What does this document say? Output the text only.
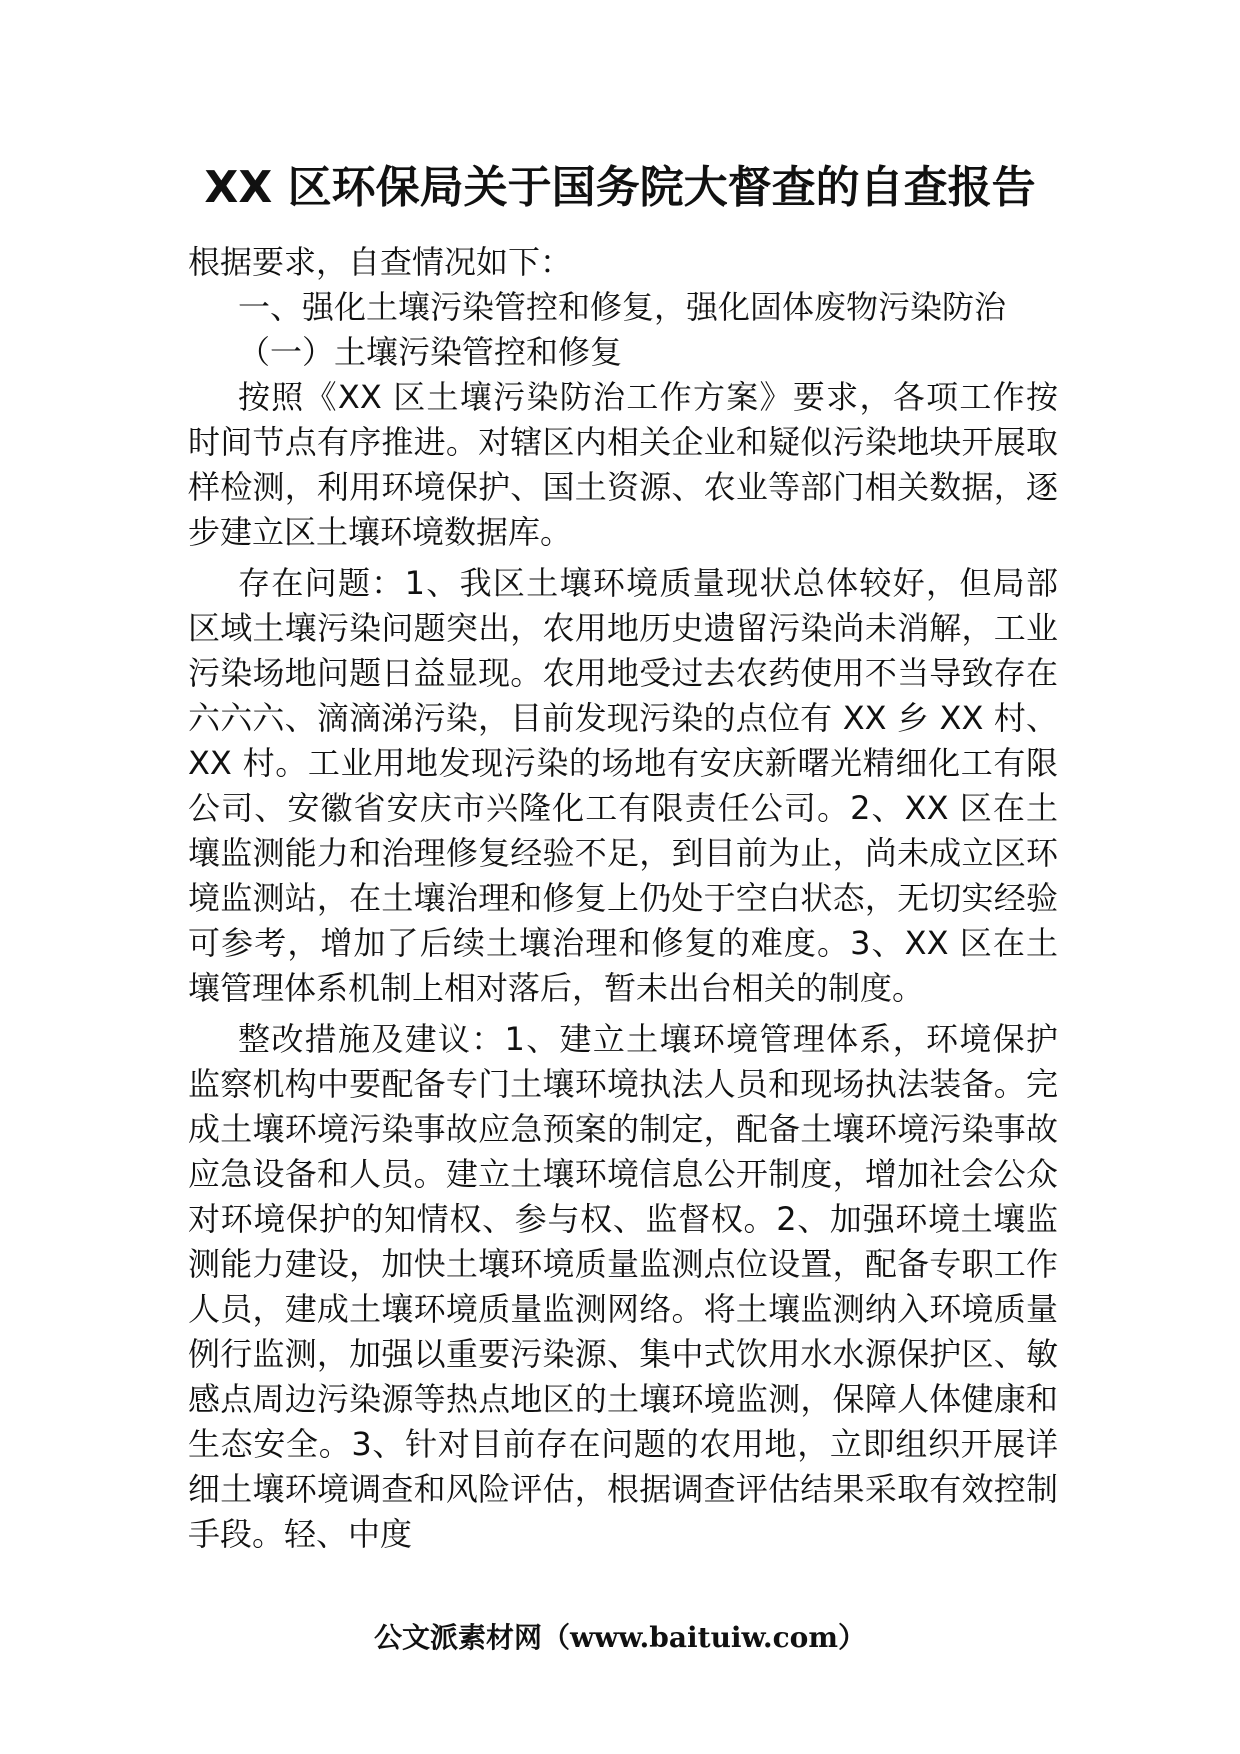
XX 区环保局关于国务院大督查的自查报告

根据要求，自查情况如下：

一、强化土壤污染管控和修复，强化固体废物污染防治

（一）土壤污染管控和修复

按照《XX 区土壤污染防治工作方案》要求，各项工作按时间节点有序推进。对辖区内相关企业和疑似污染地块开展取样检测，利用环境保护、国土资源、农业等部门相关数据，逐步建立区土壤环境数据库。

存在问题：1、我区土壤环境质量现状总体较好，但局部区域土壤污染问题突出，农用地历史遗留污染尚未消解，工业污染场地问题日益显现。农用地受过去农药使用不当导致存在六六六、滴滴涕污染，目前发现污染的点位有 XX 乡 XX 村、XX 村。工业用地发现污染的场地有安庆新曙光精细化工有限公司、安徽省安庆市兴隆化工有限责任公司。2、XX 区在土壤监测能力和治理修复经验不足，到目前为止，尚未成立区环境监测站，在土壤治理和修复上仍处于空白状态，无切实经验可参考，增加了后续土壤治理和修复的难度。3、XX 区在土壤管理体系机制上相对落后，暂未出台相关的制度。

整改措施及建议：1、建立土壤环境管理体系，环境保护监察机构中要配备专门土壤环境执法人员和现场执法装备。完成土壤环境污染事故应急预案的制定，配备土壤环境污染事故应急设备和人员。建立土壤环境信息公开制度，增加社会公众对环境保护的知情权、参与权、监督权。2、加强环境土壤监测能力建设，加快土壤环境质量监测点位设置，配备专职工作人员，建成土壤环境质量监测网络。将土壤监测纳入环境质量例行监测，加强以重要污染源、集中式饮用水水源保护区、敏感点周边污染源等热点地区的土壤环境监测，保障人体健康和生态安全。3、针对目前存在问题的农用地，立即组织开展详细土壤环境调查和风险评估，根据调查评估结果采取有效控制手段。轻、中度

公文派素材网（www.baituiw.com）
